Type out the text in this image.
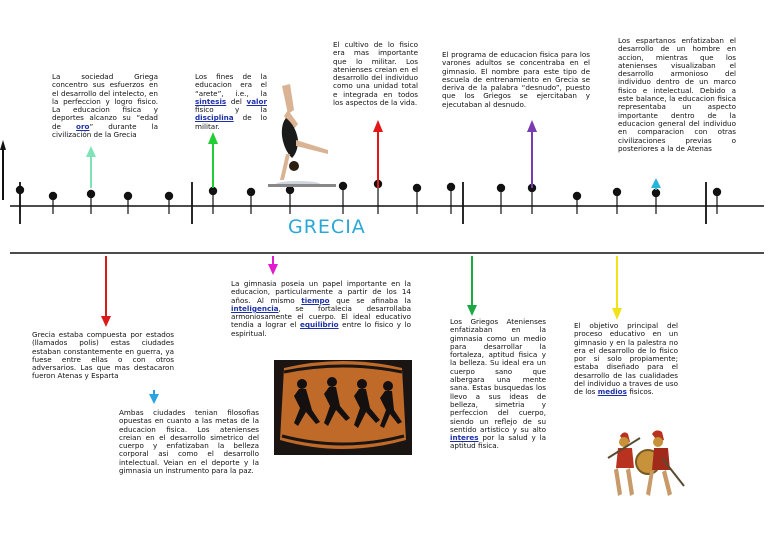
GRECIA
La sociedad Griega concentro sus esfuerzos en el desarrollo del intelecto, en la perfeccion y logro fisico. La educacion fisica y deportes alcanzo su “edad de oro” durante la civilización de la Grecia
Los fines de la educacion era el “arete”, i.e., la sintesis del valor fisico y la disciplina de lo militar.
El cultivo de lo fisico era mas importante que lo militar. Los atenienses creian en el desarrollo del individuo como una unidad total e integrada en todos los aspectos de la vida.
El programa de educacion fisica para los varones adultos se concentraba en el gimnasio. El nombre para este tipo de escuela de entrenamiento en Grecia se deriva de la palabra “desnudo”, puesto que los Griegos se ejercitaban y ejecutaban al desnudo.
Los espartanos enfatizaban el desarrollo de un hombre en accion, mientras que los atenienses visualizaban el desarrollo armonioso del individuo dentro de un marco fisico e intelectual. Debido a este balance, la educacion fisica representaba un aspecto importante dentro de la educacion general del individuo en comparacion con otras civilizaciones previas o posteriores a la de Atenas
Grecia estaba compuesta por estados (llamados polis) estas ciudades estaban constantemente en guerra, ya fuese entre ellas o con otros adversarios. Las que mas destacaron fueron Atenas y Esparta
La gimnasia poseia un papel importante en la educacion, particularmente a partir de los 14 años. Al mismo tiempo que se afinaba la inteligencia, se fortalecia desarrollaba armoniosamente el cuerpo. El ideal educativo tendia a lograr el equilibrio entre lo fisico y lo espiritual.
Los Griegos Atenienses enfatizaban en la gimnasia como un medio para desarrollar la fortaleza, aptitud fisica y la belleza. Su ideal era un cuerpo sano que albergara una mente sana. Estas busquedas los llevo a sus ideas de belleza, simetria y perfeccion del cuerpo, siendo un reflejo de su sentido artistico y su alto interes por la salud y la aptitud fisica.
El objetivo principal del proceso educativo en un gimnasio y en la palestra no era el desarrollo de lo fisico por si solo propiamente; estaba diseñado para el desarrollo de las cualidades del individuo a traves de uso de los medios fisicos.
Ambas ciudades tenian filosofias opuestas en cuanto a las metas de la educacion fisica. Los atenienses creian en el desarrollo simetrico del cuerpo y enfatizaban la belleza corporal asi como el desarrollo intelectual. Veian en el deporte y la gimnasia un instrumento para la paz.
